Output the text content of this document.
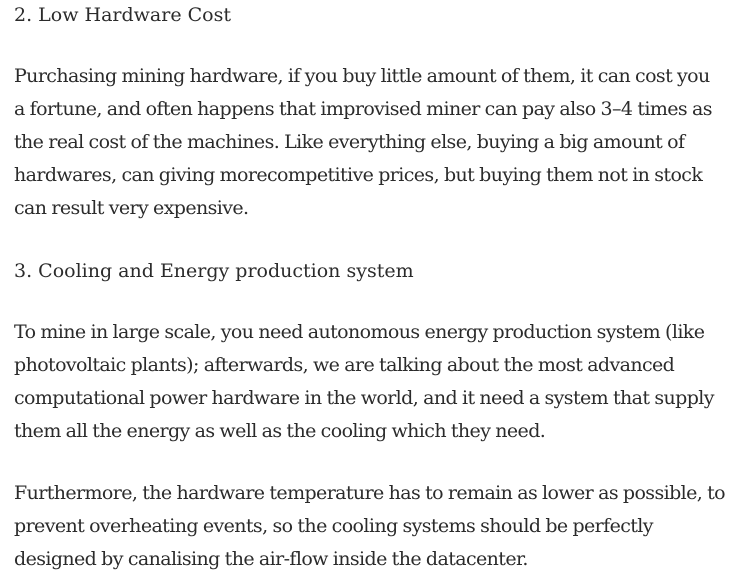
2. Low Hardware Cost

Purchasing mining hardware, if you buy little amount of them, it can cost you
a fortune, and often happens that improvised miner can pay also 3–4 times as
the real cost of the machines. Like everything else, buying a big amount of
hardwares, can giving morecompetitive prices, but buying them not in stock
can result very expensive.

3. Cooling and Energy production system

To mine in large scale, you need autonomous energy production system (like
photovoltaic plants); afterwards, we are talking about the most advanced
computational power hardware in the world, and it need a system that supply
them all the energy as well as the cooling which they need.

Furthermore, the hardware temperature has to remain as lower as possible, to
prevent overheating events, so the cooling systems should be perfectly
designed by canalising the air-flow inside the datacenter.
